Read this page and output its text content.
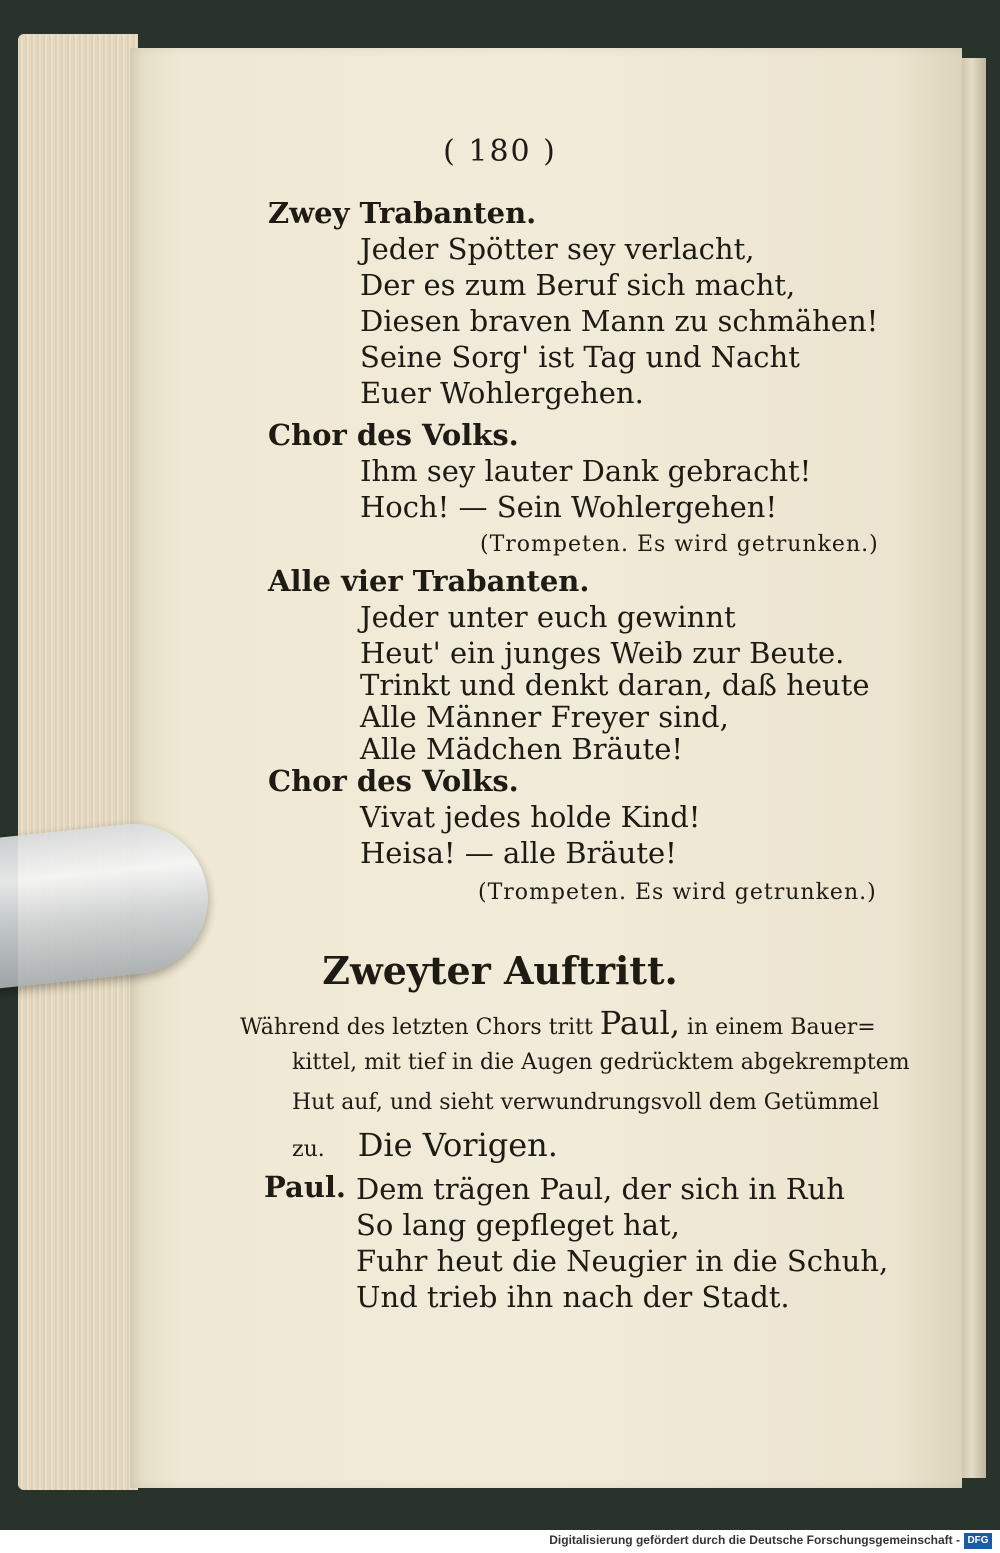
( 180 )
Zwey Trabanten.
Jeder Spötter sey verlacht,
Der es zum Beruf sich macht,
Diesen braven Mann zu schmähen!
Seine Sorg' ist Tag und Nacht
Euer Wohlergehen.
Chor des Volks.
Ihm sey lauter Dank gebracht!
Hoch! — Sein Wohlergehen!
(Trompeten. Es wird getrunken.)
Alle vier Trabanten.
Jeder unter euch gewinnt
Heut' ein junges Weib zur Beute.
Trinkt und denkt daran, daß heute
Alle Männer Freyer sind,
Alle Mädchen Bräute!
Chor des Volks.
Vivat jedes holde Kind!
Heisa! — alle Bräute!
(Trompeten. Es wird getrunken.)
Zweyter Auftritt.
Während des letzten Chors tritt Paul, in einem Bauer=
kittel, mit tief in die Augen gedrücktem abgekremptem
Hut auf, und sieht verwundrungsvoll dem Getümmel
zu. Die Vorigen.
Paul. Dem trägen Paul, der sich in Ruh
So lang gepfleget hat,
Fuhr heut die Neugier in die Schuh,
Und trieb ihn nach der Stadt.
Digitalisierung gefördert durch die Deutsche Forschungsgemeinschaft - DFG
